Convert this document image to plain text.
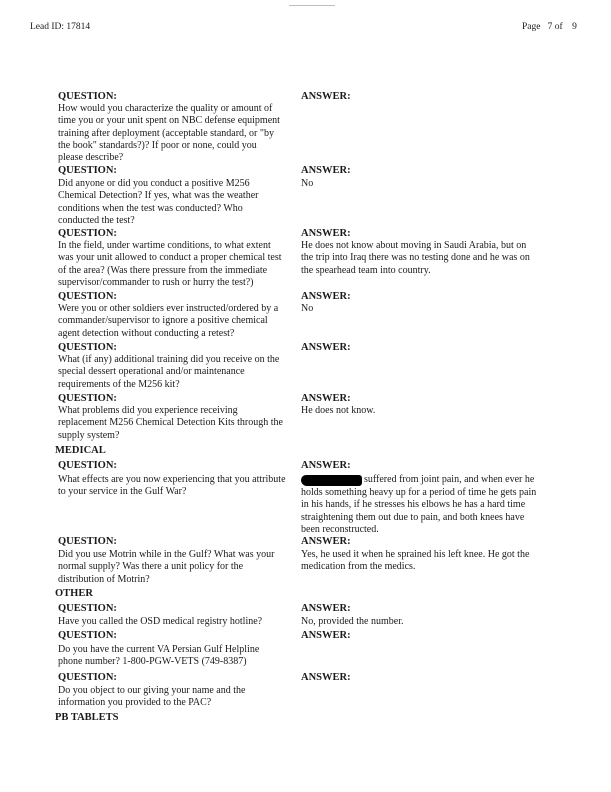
Lead ID: 17814	Page   7 of    9
QUESTION:
How would you characterize the quality or amount of
time you or your unit spent on NBC defense equipment
training after deployment (acceptable standard, or "by
the book" standards?)? If poor or none, could you
please describe?
ANSWER:
QUESTION:
Did anyone or did you conduct a positive M256
Chemical Detection? If yes, what was the weather
conditions when the test was conducted? Who
conducted the test?
ANSWER:
No
QUESTION:
In the field, under wartime conditions, to what extent
was your unit allowed to conduct a proper chemical test
of the area? (Was there pressure from the immediate
supervisor/commander to rush or hurry the test?)
ANSWER:
He does not know about moving in Saudi Arabia, but on
the trip into Iraq there was no testing done and he was on
the spearhead team into country.
QUESTION:
Were you or other soldiers ever instructed/ordered by a
commander/supervisor to ignore a positive chemical
agent detection without conducting a retest?
ANSWER:
No
QUESTION:
What (if any) additional training did you receive on the
special dessert operational and/or maintenance
requirements of the M256 kit?
ANSWER:
QUESTION:
What problems did you experience receiving
replacement M256 Chemical Detection Kits through the
supply system?
ANSWER:
He does not know.
MEDICAL
QUESTION:
What effects are you now experiencing that you attribute
to your service in the Gulf War?
ANSWER:
suffered from joint pain, and when ever he
holds something heavy up for a period of time he gets pain
in his hands, if he stresses his elbows he has a hard time
straightening them out due to pain, and both knees have
been reconstructed.
QUESTION:
Did you use Motrin while in the Gulf? What was your
normal supply? Was there a unit policy for the
distribution of Motrin?
ANSWER:
Yes, he used it when he sprained his left knee. He got the
medication from the medics.
OTHER
QUESTION:
Have you called the OSD medical registry hotline?
ANSWER:
No, provided the number.
QUESTION:
Do you have the current VA Persian Gulf Helpline
phone number? 1-800-PGW-VETS (749-8387)
ANSWER:
QUESTION:
Do you object to our giving your name and the
information you provided to the PAC?
ANSWER:
PB TABLETS
